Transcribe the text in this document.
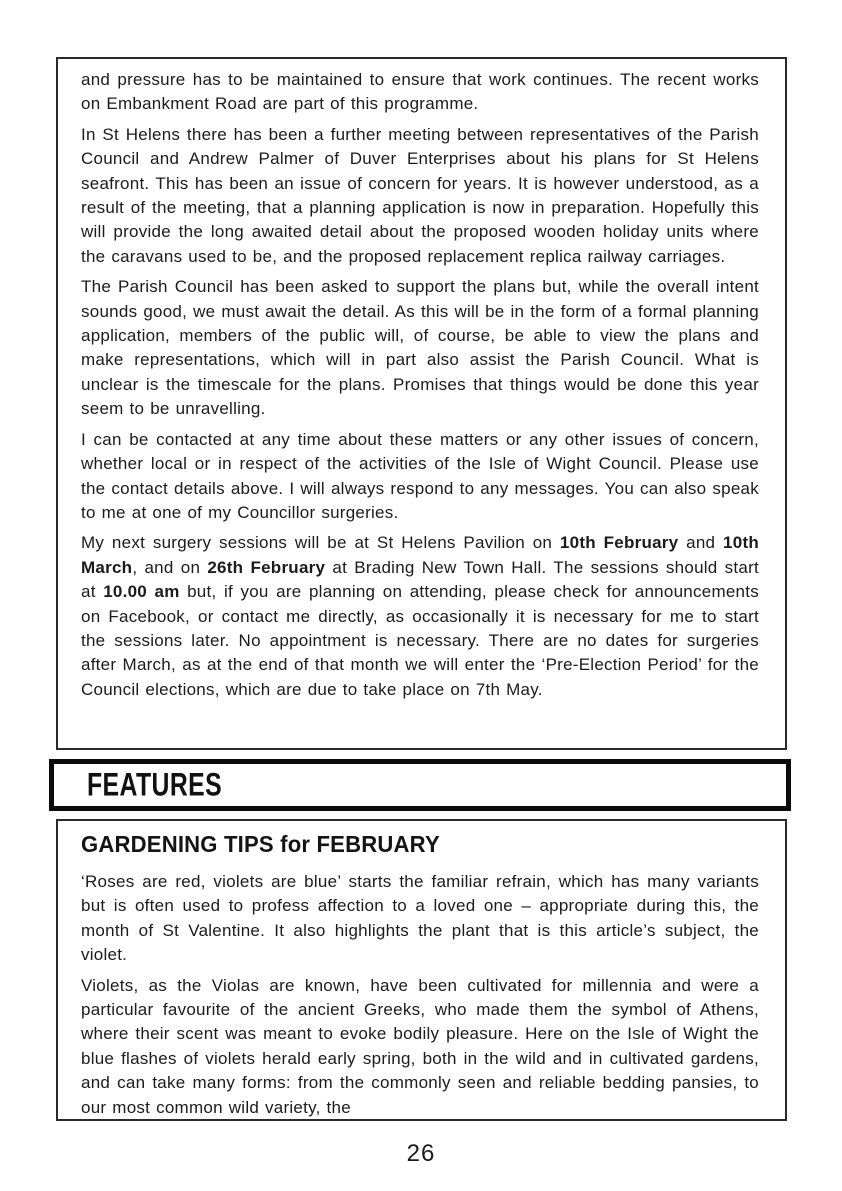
and pressure has to be maintained to ensure that work continues. The recent works on Embankment Road are part of this programme.

In St Helens there has been a further meeting between representatives of the Parish Council and Andrew Palmer of Duver Enterprises about his plans for St Helens seafront. This has been an issue of concern for years. It is however understood, as a result of the meeting, that a planning application is now in preparation. Hopefully this will provide the long awaited detail about the proposed wooden holiday units where the caravans used to be, and the proposed replacement replica railway carriages.

The Parish Council has been asked to support the plans but, while the overall intent sounds good, we must await the detail. As this will be in the form of a formal planning application, members of the public will, of course, be able to view the plans and make representations, which will in part also assist the Parish Council. What is unclear is the timescale for the plans. Promises that things would be done this year seem to be unravelling.

I can be contacted at any time about these matters or any other issues of concern, whether local or in respect of the activities of the Isle of Wight Council. Please use the contact details above. I will always respond to any messages. You can also speak to me at one of my Councillor surgeries.

My next surgery sessions will be at St Helens Pavilion on 10th February and 10th March, and on 26th February at Brading New Town Hall. The sessions should start at 10.00 am but, if you are planning on attending, please check for announcements on Facebook, or contact me directly, as occasionally it is necessary for me to start the sessions later. No appointment is necessary. There are no dates for surgeries after March, as at the end of that month we will enter the ‘Pre-Election Period’ for the Council elections, which are due to take place on 7th May.

FEATURES
GARDENING TIPS for FEBRUARY

‘Roses are red, violets are blue’ starts the familiar refrain, which has many variants but is often used to profess affection to a loved one – appropriate during this, the month of St Valentine. It also highlights the plant that is this article’s subject, the violet.

Violets, as the Violas are known, have been cultivated for millennia and were a particular favourite of the ancient Greeks, who made them the symbol of Athens, where their scent was meant to evoke bodily pleasure. Here on the Isle of Wight the blue flashes of violets herald early spring, both in the wild and in cultivated gardens, and can take many forms: from the commonly seen and reliable bedding pansies, to our most common wild variety, the

26
